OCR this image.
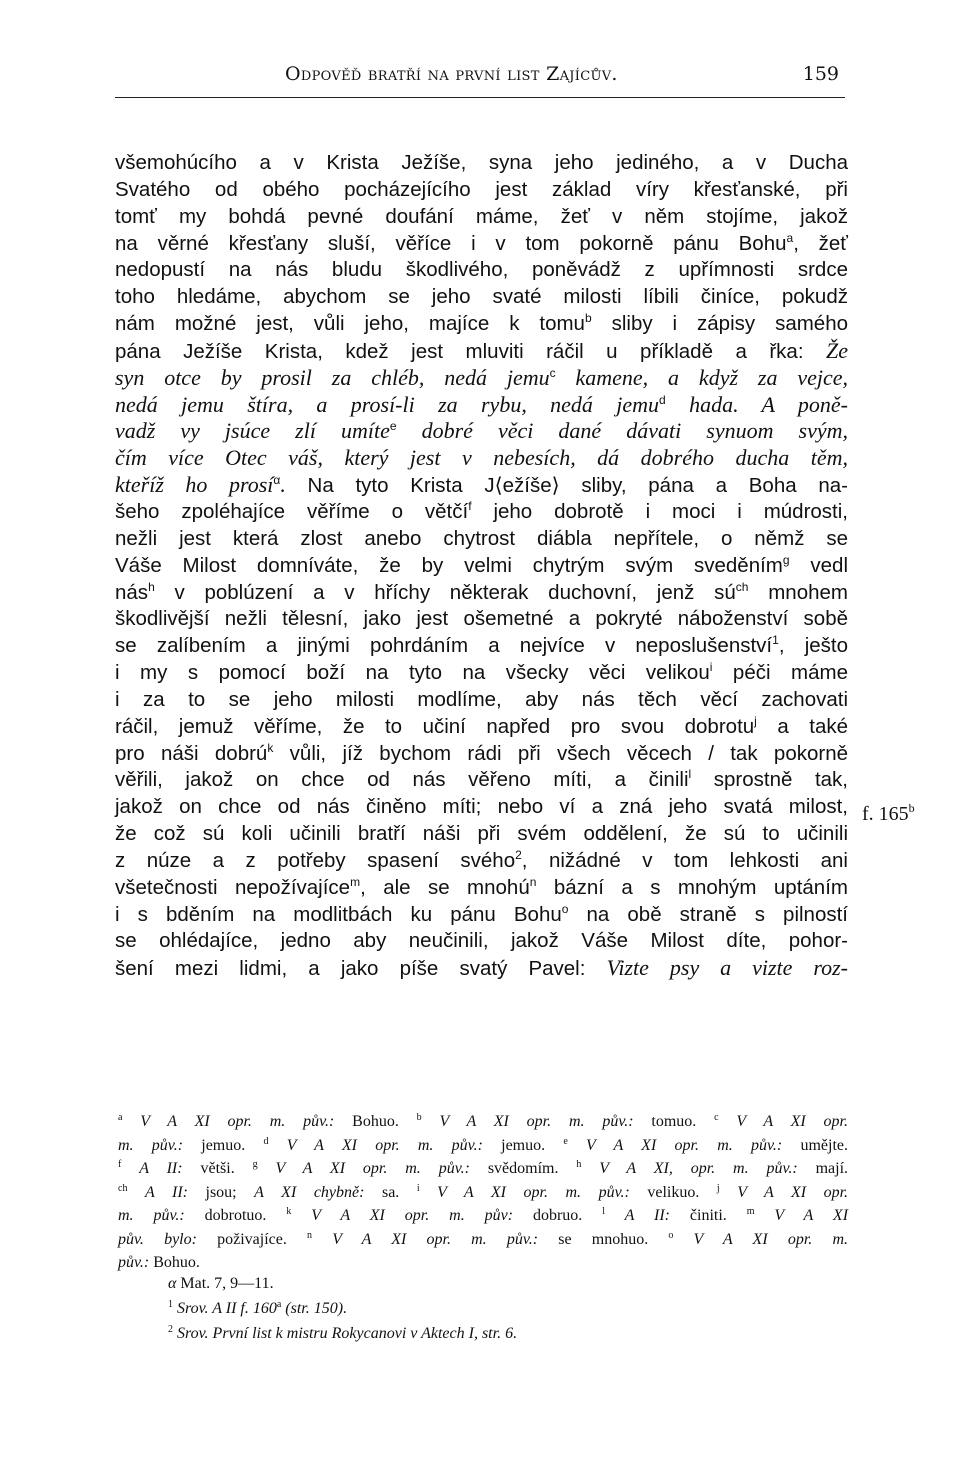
Odpověď bratří na první list Zajícův.	159
všemohúcího a v Krista Ježíše, syna jeho jediného, a v Ducha
Svatého od obého pocházejícího jest základ víry křesťanské, při
tomť my bohdá pevné doufání máme, žeť v něm stojíme, jakož
na věrné křesťany sluší, věříce i v tom pokorně pánu Bohu$^a$, žeť
nedopustí na nás bludu škodlivého, poněvádž z upřímnosti srdce
toho hledáme, abychom se jeho svaté milosti líbili činíce, pokudž
nám možné jest, vůli jeho, majíce k tomu$^b$ sliby i zápisy samého
pána Ježíše Krista, kdež jest mluviti ráčil u příkladě a řka: Že
syn otce by prosil za chléb, nedá jemu$^c$ kamene, a když za vejce,
nedá jemu štíra, a prosí-li za rybu, nedá jemu$^d$ hada. A poně-
vadž vy jsúce zlí umíte$^e$ dobré věci dané dávati synuom svým,
čím více Otec váš, který jest v nebesích, dá dobrého ducha těm,
kteříž ho prosí$^\alpha$. Na tyto Krista J⟨ežíše⟩ sliby, pána a Boha na-
šeho zpoléhajíce věříme o větčí$^f$ jeho dobrotě i moci i múdrosti,
nežli jest která zlost anebo chytrost diábla nepřítele, o němž se
Váše Milost domníváte, že by velmi chytrým svým sveděním$^g$ vedl
nás$^h$ v poblúzení a v hříchy některak duchovní, jenž $sú^{ch}$ mnohem
škodlivější nežli tělesní, jako jest ošemetné a pokryté náboženství sobě
se zalíbením a jinými pohrdáním a nejvíce v neposlušenství$^1$, ješto
i my s pomocí boží na tyto na všecky věci velikou$^i$ péči máme
i za to se jeho milosti modlíme, aby nás těch věcí zachovati
ráčil, jemuž věříme, že to učiní napřed pro svou dobrotu$^j$ a také
pro náši dobrú$^k$ vůli, jíž bychom rádi při všech věcech / tak pokorně
věřili, jakož on chce od nás věřeno míti, a činili$^l$ sprostně tak,
jakož on chce od nás činěno míti; nebo ví a zná jeho svatá milost,
že což sú koli učinili bratří náši při svém oddělení, že sú to učinili
z núze a z potřeby spasení svého$^2$, nižádné v tom lehkosti ani
všetečnosti nepožívajíce$^m$, ale se mnohú$^n$ bázní a s mnohým uptáním
i s bděním na modlitbách ku pánu Bohu$^o$ na obě straně s pilností
se ohlédajíce, jedno aby neučinili, jakož Váše Milost díte, pohor-
šení mezi lidmi, a jako píše svatý Pavel: Vizte psy a vizte roz-
f. 165$^b$
$^a$ V A XI opr. m. pův.: Bohuo. $^b$ V A XI opr. m. pův.: tomuo. $^c$ V A XI opr.
m. pův.: jemuo. $^d$ V A XI opr. m. pův.: jemuo. $^e$ V A XI opr. m. pův.: umějte.
$^f$ A II: větši. $^g$ V A XI opr. m. pův.: svědomím. $^h$ V A XI, opr. m. pův.: mají.
$^{ch}$ A II: jsou; A XI chybně: sa. $^i$ V A XI opr. m. pův.: velikuo. $^j$ V A XI opr.
m. pův.: dobrotuo. $^k$ V A XI opr. m. pův: dobruo. $^l$ A II: činiti. $^m$ V A XI
pův. bylo: poživajíce. $^n$ V A XI opr. m. pův.: se mnohuo. $^o$ V A XI opr. m.
pův.: Bohuo.
α Mat. 7, 9—11.
$^1$ Srov. A II f. 160$^a$ (str. 150).
$^2$ Srov. První list k mistru Rokycanovi v Aktech I, str. 6.
